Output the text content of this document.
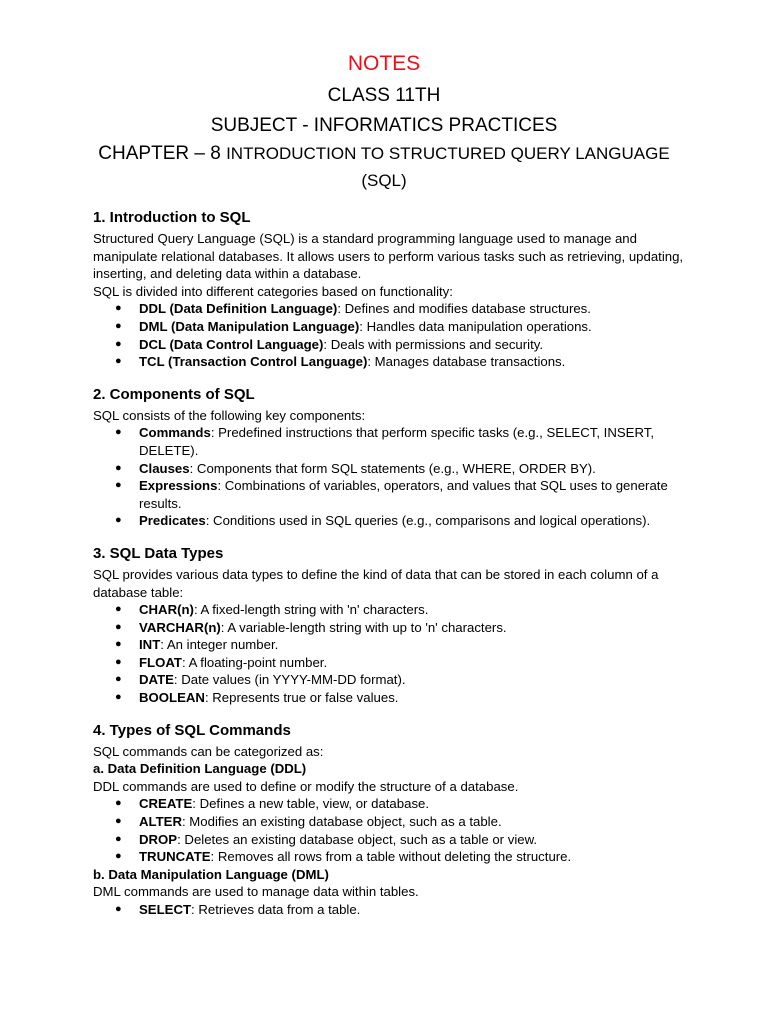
NOTES
CLASS 11TH
SUBJECT - INFORMATICS PRACTICES
CHAPTER – 8 INTRODUCTION TO STRUCTURED QUERY LANGUAGE
(SQL)
1. Introduction to SQL

Structured Query Language (SQL) is a standard programming language used to manage and manipulate relational databases. It allows users to perform various tasks such as retrieving, updating, inserting, and deleting data within a database.

SQL is divided into different categories based on functionality:

● DDL (Data Definition Language): Defines and modifies database structures.
● DML (Data Manipulation Language): Handles data manipulation operations.
● DCL (Data Control Language): Deals with permissions and security.
● TCL (Transaction Control Language): Manages database transactions.
2. Components of SQL

SQL consists of the following key components:

● Commands: Predefined instructions that perform specific tasks (e.g., SELECT, INSERT, DELETE).
● Clauses: Components that form SQL statements (e.g., WHERE, ORDER BY).
● Expressions: Combinations of variables, operators, and values that SQL uses to generate results.
● Predicates: Conditions used in SQL queries (e.g., comparisons and logical operations).
3. SQL Data Types

SQL provides various data types to define the kind of data that can be stored in each column of a database table:

● CHAR(n): A fixed-length string with 'n' characters.
● VARCHAR(n): A variable-length string with up to 'n' characters.
● INT: An integer number.
● FLOAT: A floating-point number.
● DATE: Date values (in YYYY-MM-DD format).
● BOOLEAN: Represents true or false values.
4. Types of SQL Commands

SQL commands can be categorized as:

a. Data Definition Language (DDL)

DDL commands are used to define or modify the structure of a database.

● CREATE: Defines a new table, view, or database.
● ALTER: Modifies an existing database object, such as a table.
● DROP: Deletes an existing database object, such as a table or view.
● TRUNCATE: Removes all rows from a table without deleting the structure.

b. Data Manipulation Language (DML)

DML commands are used to manage data within tables.

● SELECT: Retrieves data from a table.
